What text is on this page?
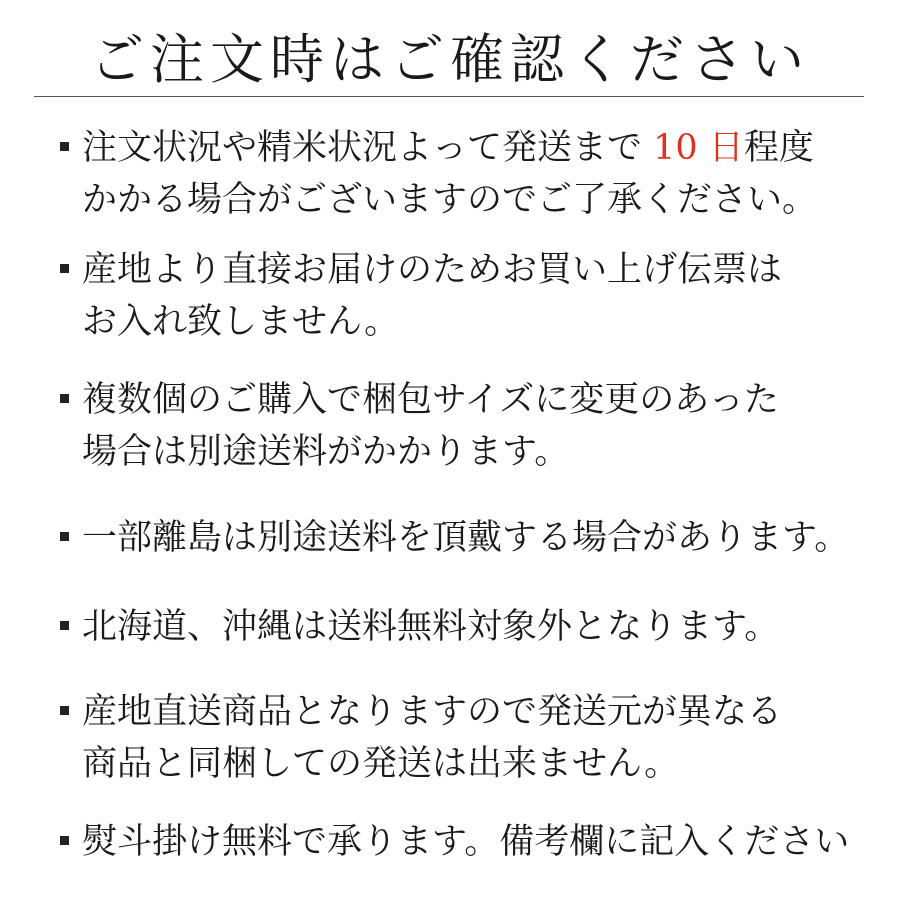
ご注文時はご確認ください
注文状況や精米状況よって発送まで 10 日程度
かかる場合がございますのでご了承ください。
産地より直接お届けのためお買い上げ伝票は
お入れ致しません。
複数個のご購入で梱包サイズに変更のあった
場合は別途送料がかかります。
一部離島は別途送料を頂戴する場合があります。
北海道、沖縄は送料無料対象外となります。
産地直送商品となりますので発送元が異なる
商品と同梱しての発送は出来ません。
熨斗掛け無料で承ります。備考欄に記入ください
